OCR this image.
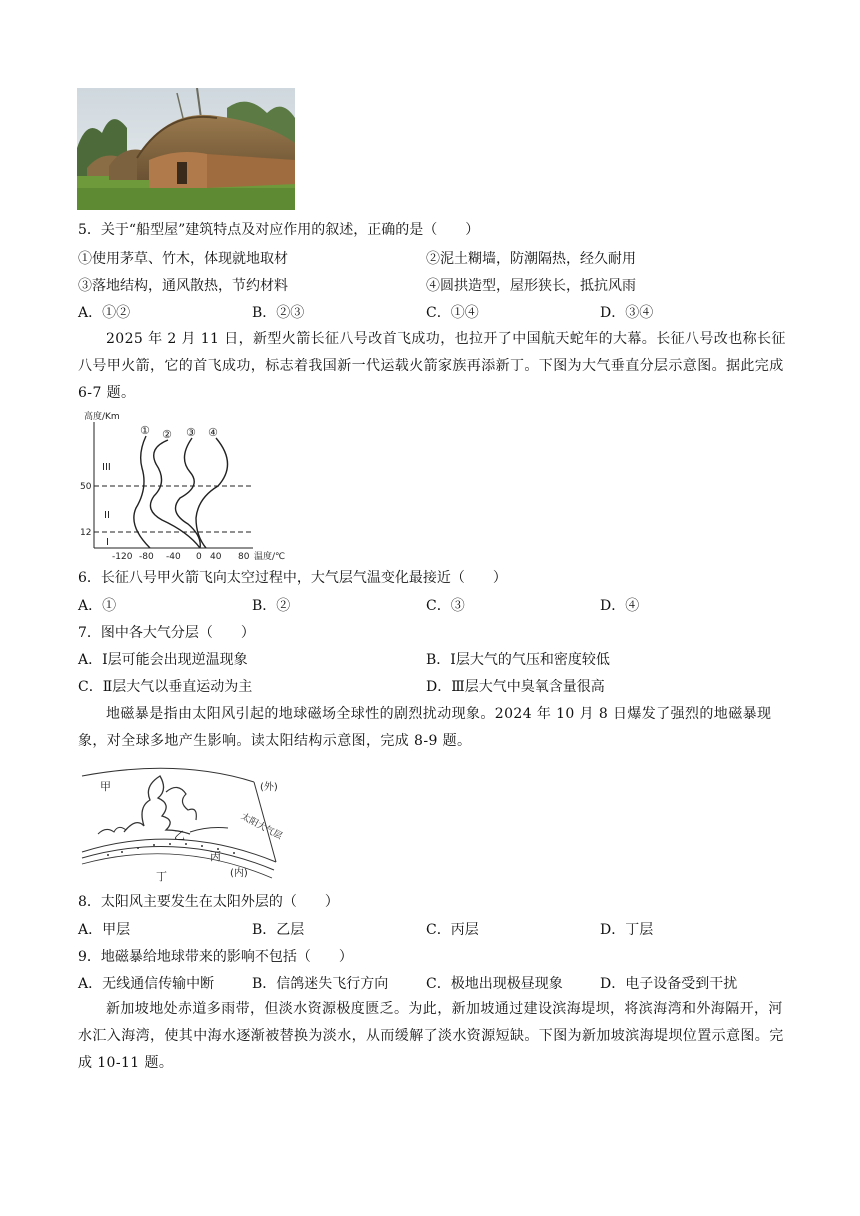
5．关于“船型屋”建筑特点及对应作用的叙述，正确的是（　　）
①使用茅草、竹木，体现就地取材	②泥土糊墙，防潮隔热，经久耐用
③落地结构，通风散热，节约材料	④圆拱造型，屋形狭长，抵抗风雨
A．①②	B．②③	C．①④	D．③④
2025 年 2 月 11 日，新型火箭长征八号改首飞成功，也拉开了中国航天蛇年的大幕。长征八号改也称长征八号甲火箭，它的首飞成功，标志着我国新一代运载火箭家族再添新丁。下图为大气垂直分层示意图。据此完成 6-7 题。
高度/Km
50
12
III
II
I
-120 -80 -40 0 40 80 温度/℃
① ② ③ ④
6．长征八号甲火箭飞向太空过程中，大气层气温变化最接近（　　）
A．①	B．②	C．③	D．④
7．图中各大气分层（　　）
A．Ⅰ层可能会出现逆温现象	B．Ⅰ层大气的气压和密度较低
C．Ⅱ层大气以垂直运动为主	D．Ⅲ层大气中臭氧含量很高
地磁暴是指由太阳风引起的地球磁场全球性的剧烈扰动现象。2024 年 10 月 8 日爆发了强烈的地磁暴现象，对全球多地产生影响。读太阳结构示意图，完成 8-9 题。
甲
乙
丙
丁
(外)
(内)
太阳大气层
8．太阳风主要发生在太阳外层的（　　）
A．甲层	B．乙层	C．丙层	D．丁层
9．地磁暴给地球带来的影响不包括（　　）
A．无线通信传输中断	B．信鸽迷失飞行方向	C．极地出现极昼现象	D．电子设备受到干扰
新加坡地处赤道多雨带，但淡水资源极度匮乏。为此，新加坡通过建设滨海堤坝，将滨海湾和外海隔开，河水汇入海湾，使其中海水逐渐被替换为淡水，从而缓解了淡水资源短缺。下图为新加坡滨海堤坝位置示意图。完成 10-11 题。
